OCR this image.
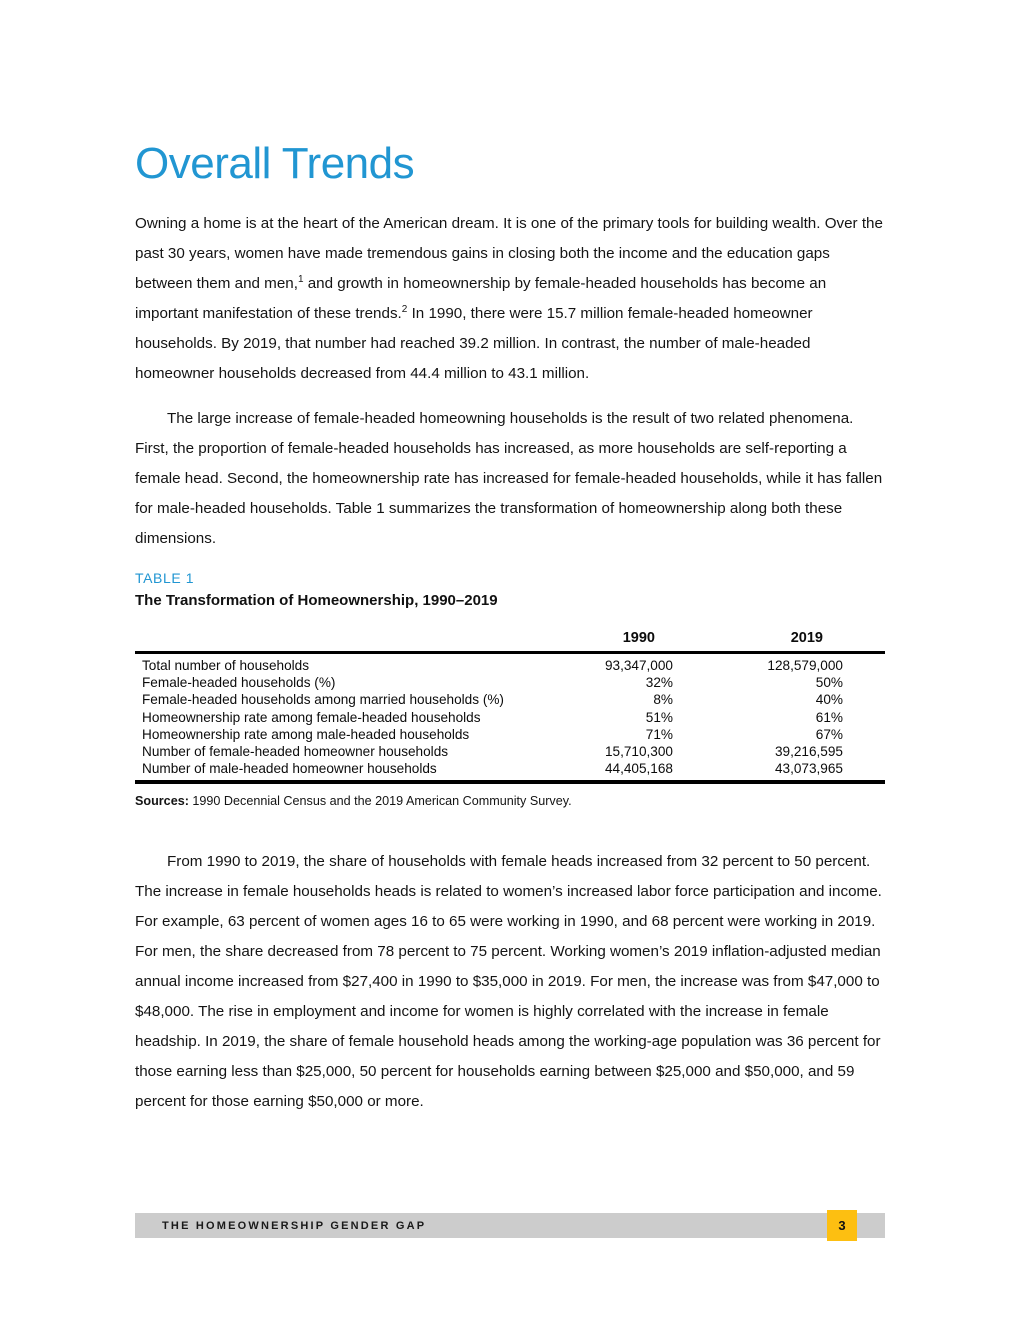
Overall Trends

Owning a home is at the heart of the American dream. It is one of the primary tools for building wealth. Over the past 30 years, women have made tremendous gains in closing both the income and the education gaps between them and men,$^1$ and growth in homeownership by female-headed households has become an important manifestation of these trends.$^2$ In 1990, there were 15.7 million female-headed homeowner households. By 2019, that number had reached 39.2 million. In contrast, the number of male-headed homeowner households decreased from 44.4 million to 43.1 million.

The large increase of female-headed homeowning households is the result of two related phenomena. First, the proportion of female-headed households has increased, as more households are self-reporting a female head. Second, the homeownership rate has increased for female-headed households, while it has fallen for male-headed households. Table 1 summarizes the transformation of homeownership along both these dimensions.

TABLE 1
The Transformation of Homeownership, 1990–2019
	1990	2019
Total number of households	93,347,000	128,579,000
Female-headed households (%)	32%	50%
Female-headed households among married households (%)	8%	40%
Homeownership rate among female-headed households	51%	61%
Homeownership rate among male-headed households	71%	67%
Number of female-headed homeowner households	15,710,300	39,216,595
Number of male-headed homeowner households	44,405,168	43,073,965
Sources: 1990 Decennial Census and the 2019 American Community Survey.

From 1990 to 2019, the share of households with female heads increased from 32 percent to 50 percent. The increase in female households heads is related to women’s increased labor force participation and income. For example, 63 percent of women ages 16 to 65 were working in 1990, and 68 percent were working in 2019. For men, the share decreased from 78 percent to 75 percent. Working women’s 2019 inflation-adjusted median annual income increased from $27,400 in 1990 to $35,000 in 2019. For men, the increase was from $47,000 to $48,000. The rise in employment and income for women is highly correlated with the increase in female headship. In 2019, the share of female household heads among the working-age population was 36 percent for those earning less than $25,000, 50 percent for households earning between $25,000 and $50,000, and 59 percent for those earning $50,000 or more.

THE HOMEOWNERSHIP GENDER GAP	3
